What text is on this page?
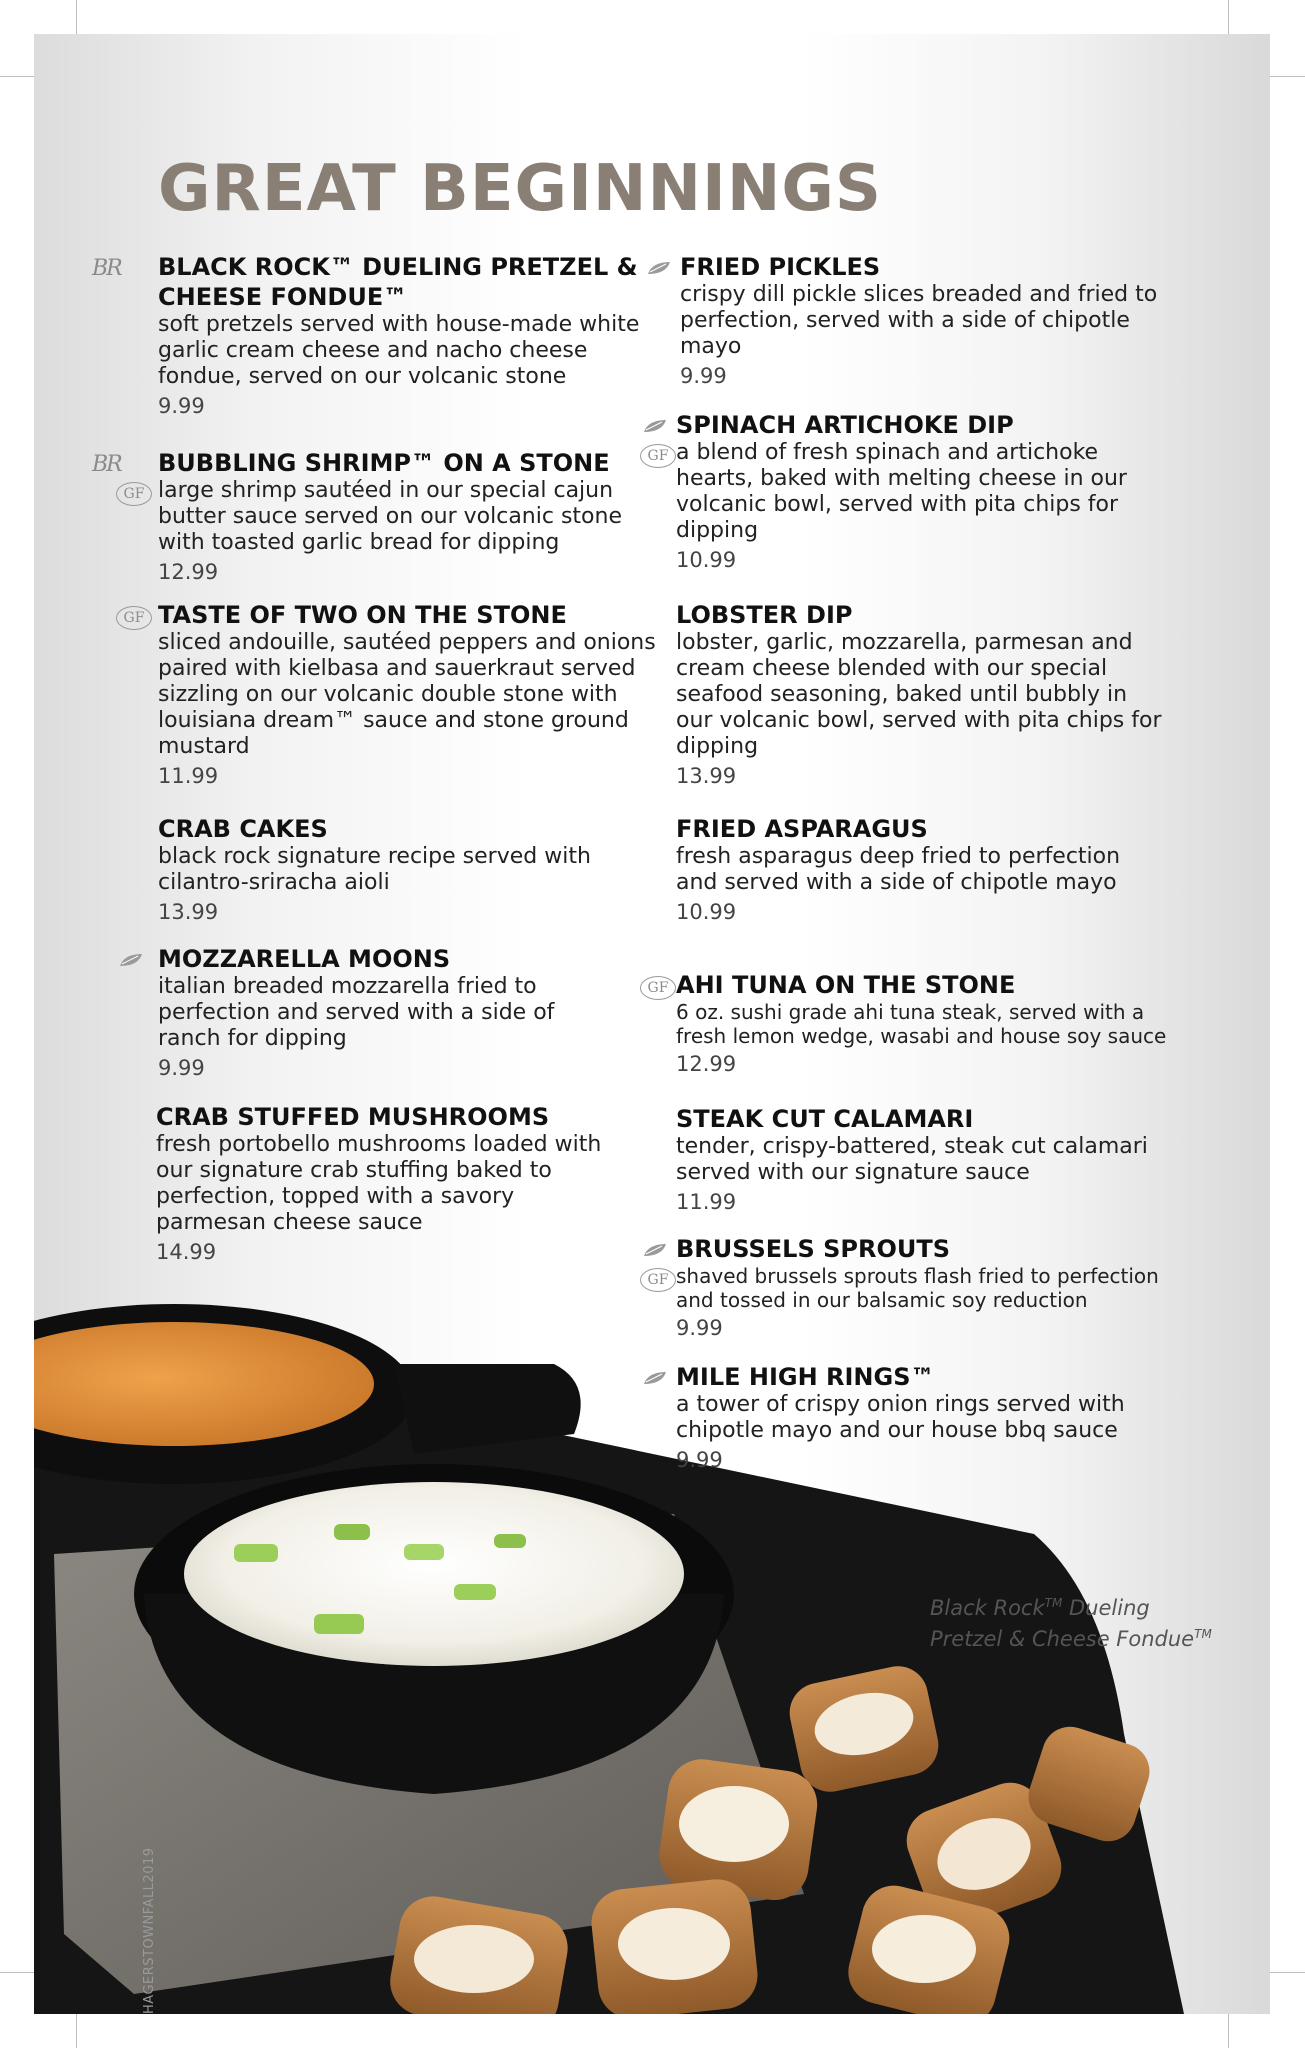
GREAT BEGINNINGS
BR BLACK ROCK™ DUELING PRETZEL & CHEESE FONDUE™
soft pretzels served with house-made white garlic cream cheese and nacho cheese fondue, served on our volcanic stone
9.99
BR
GF
BUBBLING SHRIMP™ ON A STONE
large shrimp sautéed in our special cajun butter sauce served on our volcanic stone with toasted garlic bread for dipping
12.99
GF TASTE OF TWO ON THE STONE
sliced andouille, sautéed peppers and onions paired with kielbasa and sauerkraut served sizzling on our volcanic double stone with louisiana dream™ sauce and stone ground mustard
11.99
CRAB CAKES
black rock signature recipe served with cilantro-sriracha aioli
13.99
MOZZARELLA MOONS
italian breaded mozzarella fried to perfection and served with a side of ranch for dipping
9.99
CRAB STUFFED MUSHROOMS
fresh portobello mushrooms loaded with our signature crab stuffing baked to perfection, topped with a savory parmesan cheese sauce
14.99
FRIED PICKLES
crispy dill pickle slices breaded and fried to perfection, served with a side of chipotle mayo
9.99
GF
SPINACH ARTICHOKE DIP
a blend of fresh spinach and artichoke hearts, baked with melting cheese in our volcanic bowl, served with pita chips for dipping
10.99
LOBSTER DIP
lobster, garlic, mozzarella, parmesan and cream cheese blended with our special seafood seasoning, baked until bubbly in our volcanic bowl, served with pita chips for dipping
13.99
FRIED ASPARAGUS
fresh asparagus deep fried to perfection and served with a side of chipotle mayo
10.99
GF AHI TUNA ON THE STONE
6 oz. sushi grade ahi tuna steak, served with a fresh lemon wedge, wasabi and house soy sauce
12.99
STEAK CUT CALAMARI
tender, crispy-battered, steak cut calamari served with our signature sauce
11.99
GF
BRUSSELS SPROUTS
shaved brussels sprouts flash fried to perfection and tossed in our balsamic soy reduction
9.99
MILE HIGH RINGS™
a tower of crispy onion rings served with chipotle mayo and our house bbq sauce
9.99
Black Rock™ Dueling
Pretzel & Cheese Fondue™
HAGERSTOWNFALL2019
